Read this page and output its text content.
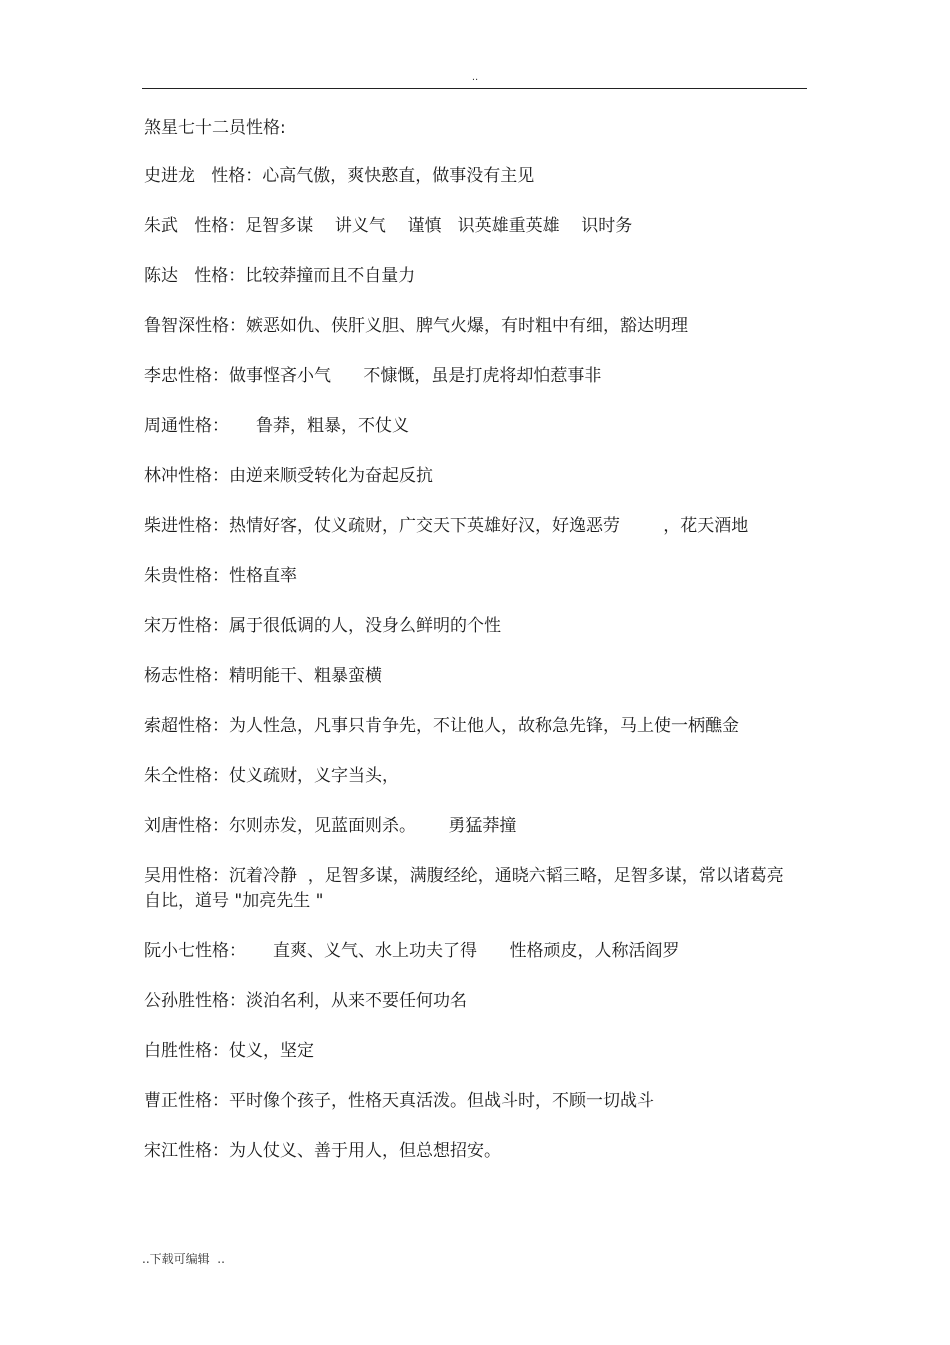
..
煞星七十二员性格:
史进龙   性格：心高气傲，爽快憨直，做事没有主见
朱武   性格：足智多谋    讲义气    谨慎   识英雄重英雄    识时务
陈达   性格：比较莽撞而且不自量力
鲁智深性格：嫉恶如仇、侠肝义胆、脾气火爆，有时粗中有细，豁达明理
李忠性格：做事悭吝小气      不慷慨，虽是打虎将却怕惹事非
周通性格：     鲁莽，粗暴，不仗义
林冲性格：由逆来顺受转化为奋起反抗
柴进性格：热情好客，仗义疏财，广交天下英雄好汉，好逸恶劳        ，花天酒地
朱贵性格：性格直率
宋万性格：属于很低调的人，没身么鲜明的个性
杨志性格：精明能干、粗暴蛮横
索超性格：为人性急，凡事只肯争先，不让他人，故称急先锋，马上使一柄醮金
朱仝性格：仗义疏财，义字当头，
刘唐性格：尔则赤发，见蓝面则杀。      勇猛莽撞
吴用性格：沉着冷静  ，足智多谋，满腹经纶，通晓六韬三略，足智多谋，常以诸葛亮自比，道号 "加亮先生 "
阮小七性格：     直爽、义气、水上功夫了得      性格顽皮，人称活阎罗
公孙胜性格：淡泊名利，从来不要任何功名
白胜性格：仗义，坚定
曹正性格：平时像个孩子，性格天真活泼。但战斗时，不顾一切战斗
宋江性格：为人仗义、善于用人，但总想招安。
..下载可编辑  ..
